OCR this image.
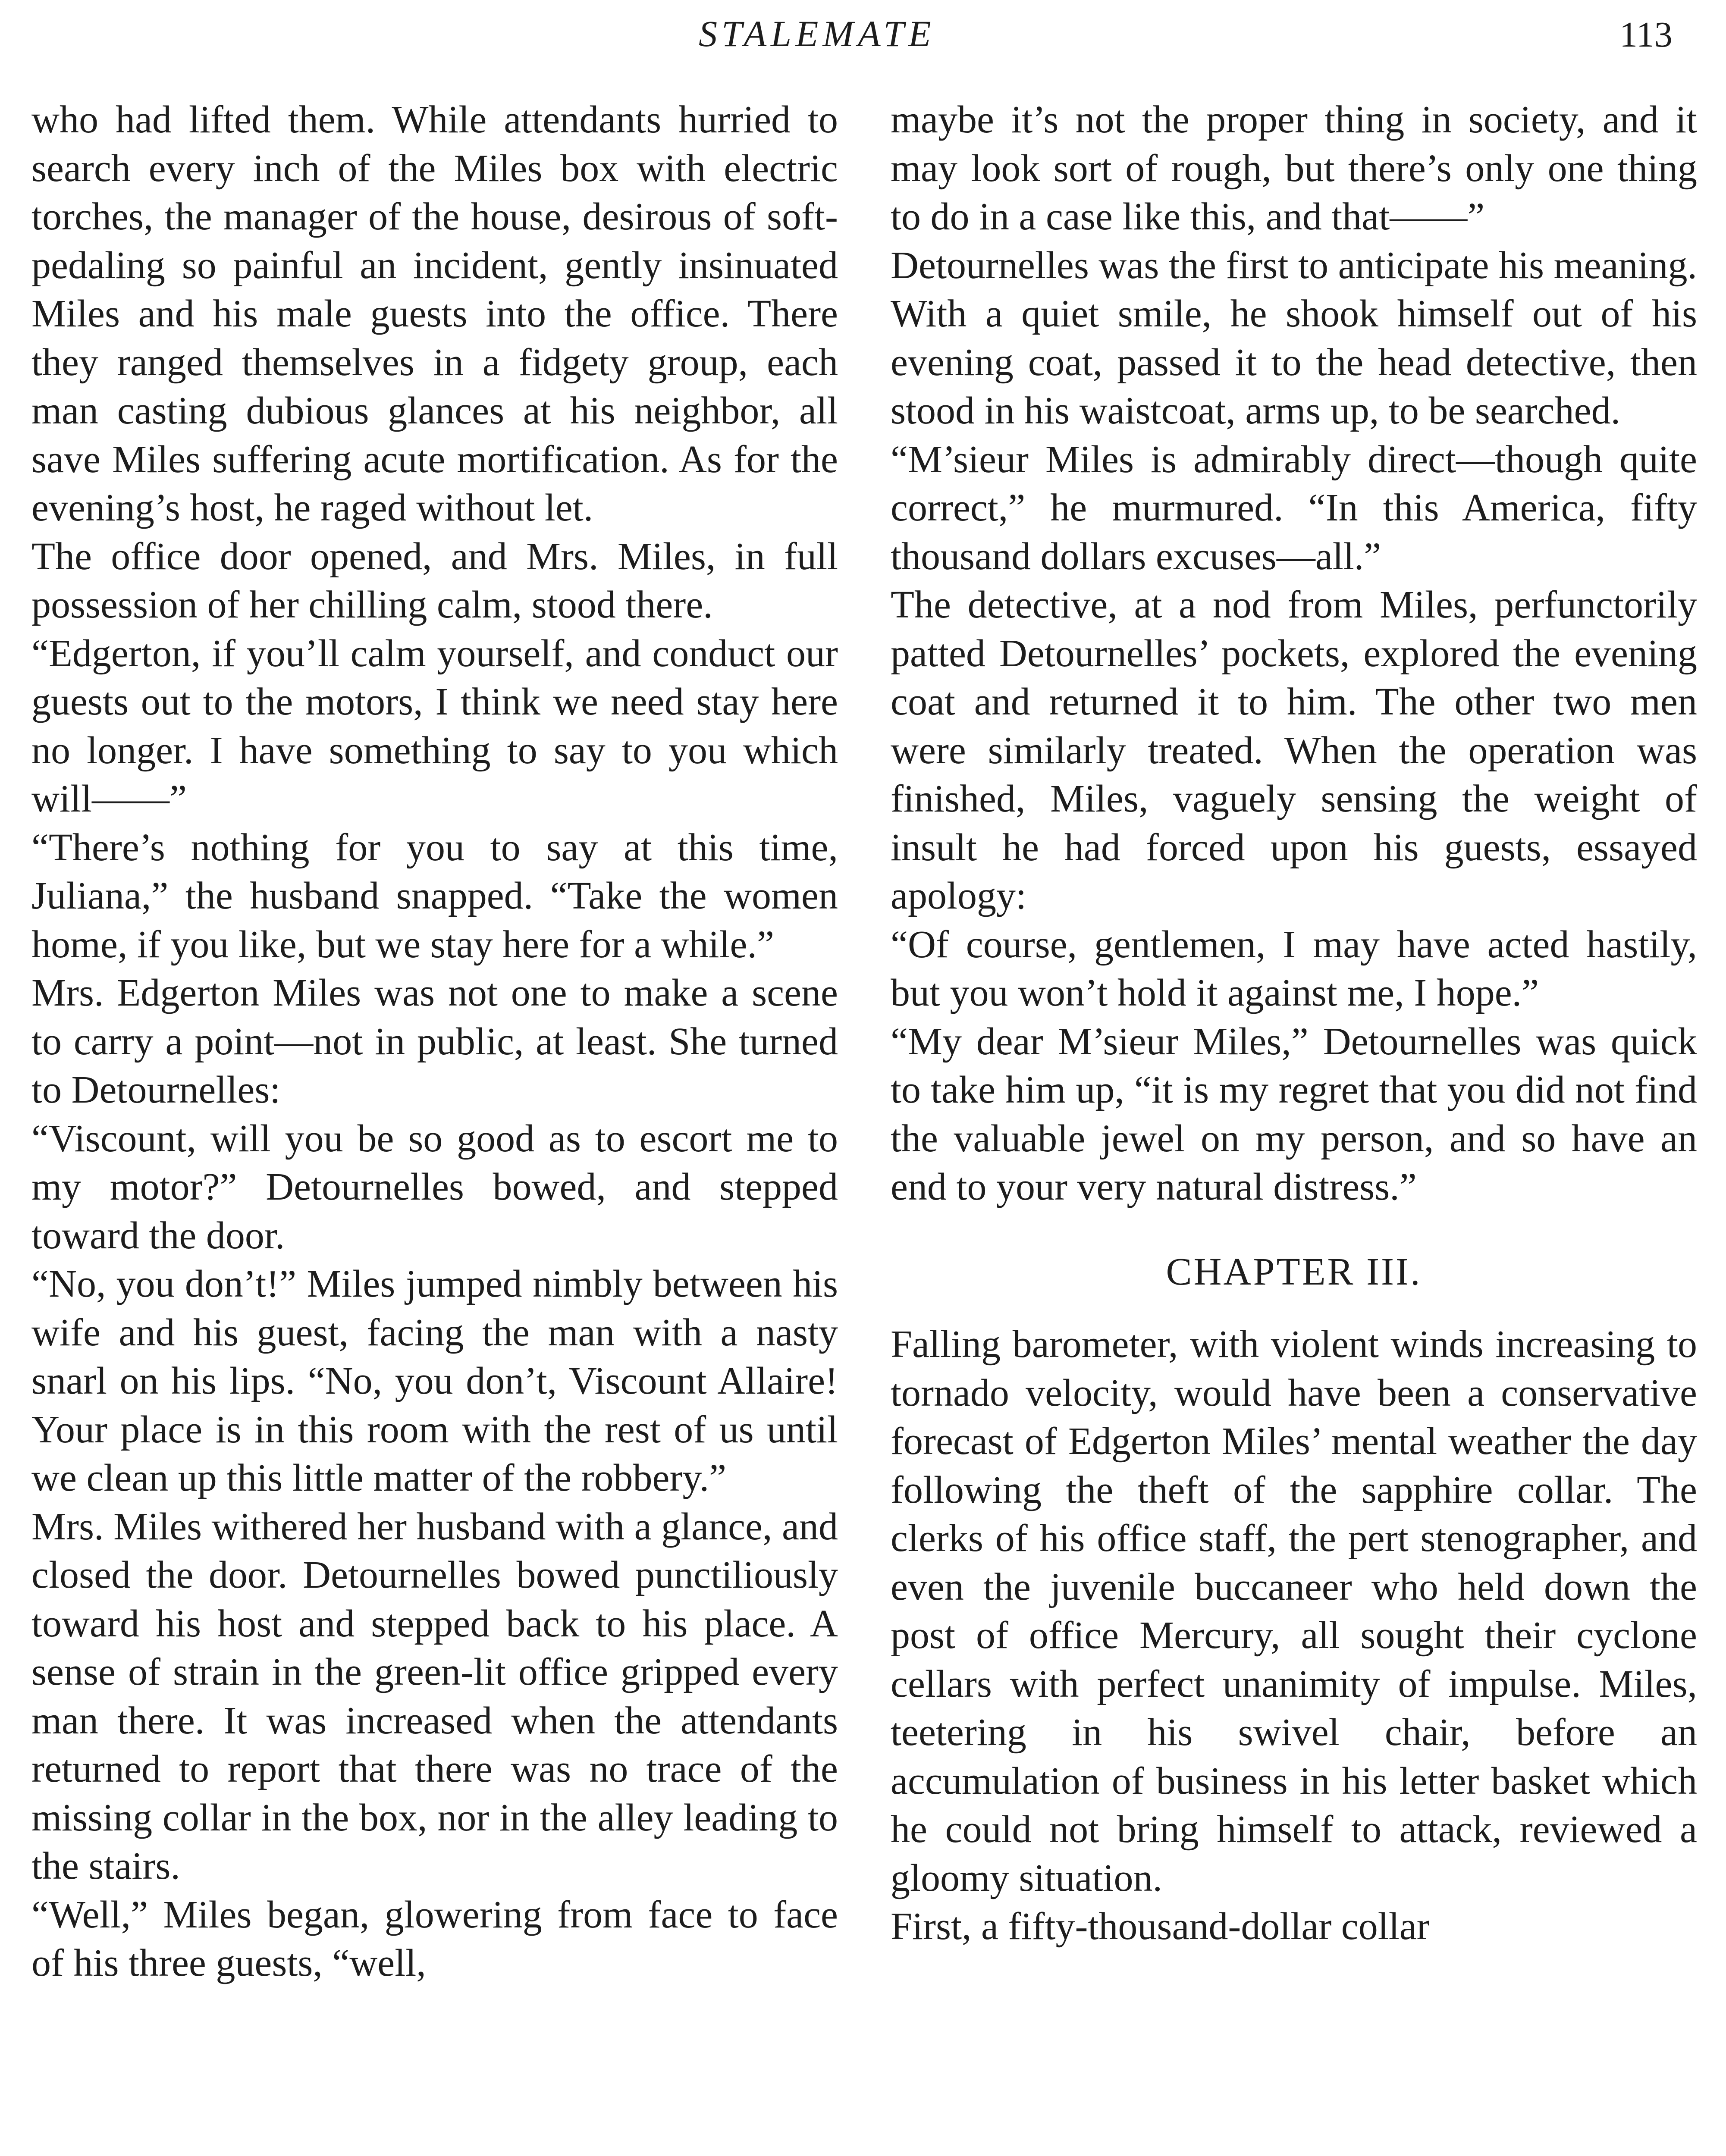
STALEMATE	113

who had lifted them. While attendants hurried to search every inch of the Miles box with electric torches, the manager of the house, desirous of soft-pedaling so painful an incident, gently insinuated Miles and his male guests into the office. There they ranged themselves in a fidgety group, each man casting dubious glances at his neighbor, all save Miles suffering acute mortification. As for the evening’s host, he raged without let.

The office door opened, and Mrs. Miles, in full possession of her chilling calm, stood there.

“Edgerton, if you’ll calm yourself, and conduct our guests out to the motors, I think we need stay here no longer. I have something to say to you which will——”

“There’s nothing for you to say at this time, Juliana,” the husband snapped. “Take the women home, if you like, but we stay here for a while.”

Mrs. Edgerton Miles was not one to make a scene to carry a point—not in public, at least. She turned to Detournelles:

“Viscount, will you be so good as to escort me to my motor?” Detournelles bowed, and stepped toward the door.

“No, you don’t!” Miles jumped nimbly between his wife and his guest, facing the man with a nasty snarl on his lips. “No, you don’t, Viscount Allaire! Your place is in this room with the rest of us until we clean up this little matter of the robbery.”

Mrs. Miles withered her husband with a glance, and closed the door. Detournelles bowed punctiliously toward his host and stepped back to his place. A sense of strain in the green-lit office gripped every man there. It was increased when the attendants returned to report that there was no trace of the missing collar in the box, nor in the alley leading to the stairs.

“Well,” Miles began, glowering from face to face of his three guests, “well,

maybe it’s not the proper thing in society, and it may look sort of rough, but there’s only one thing to do in a case like this, and that——”

Detournelles was the first to anticipate his meaning. With a quiet smile, he shook himself out of his evening coat, passed it to the head detective, then stood in his waistcoat, arms up, to be searched.

“M’sieur Miles is admirably direct—though quite correct,” he murmured. “In this America, fifty thousand dollars excuses—all.”

The detective, at a nod from Miles, perfunctorily patted Detournelles’ pockets, explored the evening coat and returned it to him. The other two men were similarly treated. When the operation was finished, Miles, vaguely sensing the weight of insult he had forced upon his guests, essayed apology:

“Of course, gentlemen, I may have acted hastily, but you won’t hold it against me, I hope.”

“My dear M’sieur Miles,” Detournelles was quick to take him up, “it is my regret that you did not find the valuable jewel on my person, and so have an end to your very natural distress.”

CHAPTER III.

Falling barometer, with violent winds increasing to tornado velocity, would have been a conservative forecast of Edgerton Miles’ mental weather the day following the theft of the sapphire collar. The clerks of his office staff, the pert stenographer, and even the juvenile buccaneer who held down the post of office Mercury, all sought their cyclone cellars with perfect unanimity of impulse. Miles, teetering in his swivel chair, before an accumulation of business in his letter basket which he could not bring himself to attack, reviewed a gloomy situation.

First, a fifty-thousand-dollar collar
